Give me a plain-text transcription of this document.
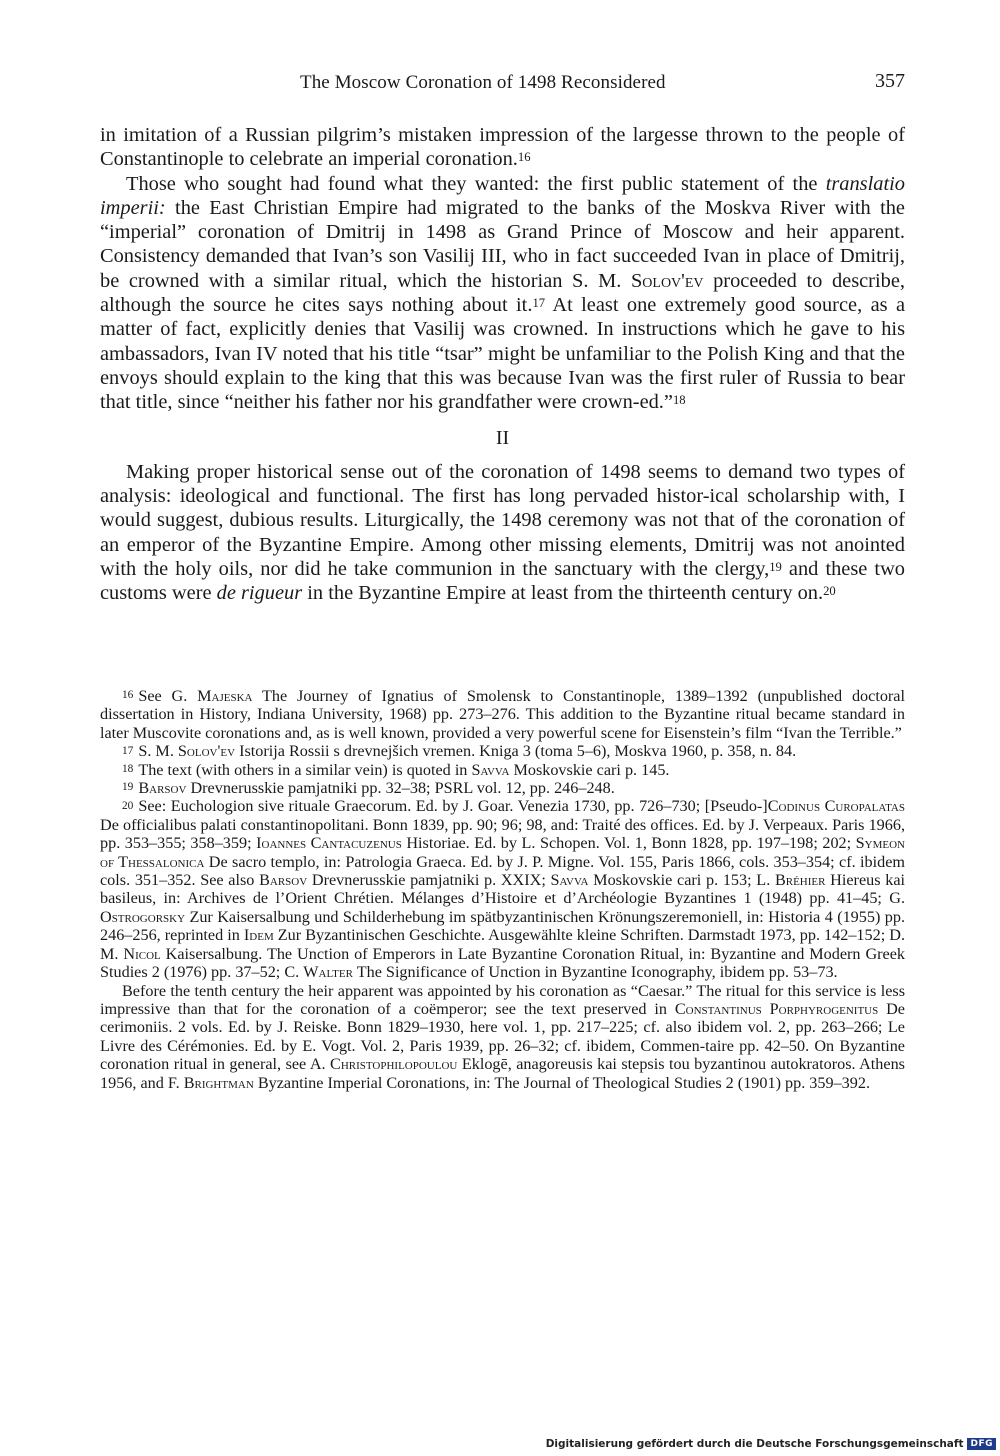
The Moscow Coronation of 1498 Reconsidered	357

in imitation of a Russian pilgrim’s mistaken impression of the largesse thrown to the people of Constantinople to celebrate an imperial coronation.$^{16}$

Those who sought had found what they wanted: the first public statement of the translatio imperii: the East Christian Empire had migrated to the banks of the Moskva River with the “imperial” coronation of Dmitrij in 1498 as Grand Prince of Moscow and heir apparent. Consistency demanded that Ivan’s son Vasilij III, who in fact succeeded Ivan in place of Dmitrij, be crowned with a similar ritual, which the historian S. M. Solov'ev proceeded to describe, although the source he cites says nothing about it.$^{17}$ At least one extremely good source, as a matter of fact, explicitly denies that Vasilij was crowned. In instructions which he gave to his ambassadors, Ivan IV noted that his title “tsar” might be unfamiliar to the Polish King and that the envoys should explain to the king that this was because Ivan was the first ruler of Russia to bear that title, since “neither his father nor his grandfather were crown-ed.”$^{18}$

II

Making proper historical sense out of the coronation of 1498 seems to demand two types of analysis: ideological and functional. The first has long pervaded histor-ical scholarship with, I would suggest, dubious results. Liturgically, the 1498 ceremony was not that of the coronation of an emperor of the Byzantine Empire. Among other missing elements, Dmitrij was not anointed with the holy oils, nor did he take communion in the sanctuary with the clergy,$^{19}$ and these two customs were de rigueur in the Byzantine Empire at least from the thirteenth century on.$^{20}$

$^{16}$ See G. Majeska The Journey of Ignatius of Smolensk to Constantinople, 1389–1392 (unpublished doctoral dissertation in History, Indiana University, 1968) pp. 273–276. This addition to the Byzantine ritual became standard in later Muscovite coronations and, as is well known, provided a very powerful scene for Eisenstein’s film “Ivan the Terrible.”

$^{17}$ S. M. Solov'ev Istorija Rossii s drevnejšich vremen. Kniga 3 (toma 5–6), Moskva 1960, p. 358, n. 84.

$^{18}$ The text (with others in a similar vein) is quoted in Savva Moskovskie cari p. 145.

$^{19}$ Barsov Drevnerusskie pamjatniki pp. 32–38; PSRL vol. 12, pp. 246–248.

$^{20}$ See: Euchologion sive rituale Graecorum. Ed. by J. Goar. Venezia 1730, pp. 726–730; [Pseudo-]Codinus Curopalatas De officialibus palati constantinopolitani. Bonn 1839, pp. 90; 96; 98, and: Traité des offices. Ed. by J. Verpeaux. Paris 1966, pp. 353–355; 358–359; Ioannes Cantacuzenus Historiae. Ed. by L. Schopen. Vol. 1, Bonn 1828, pp. 197–198; 202; Symeon of Thessalonica De sacro templo, in: Patrologia Graeca. Ed. by J. P. Migne. Vol. 155, Paris 1866, cols. 353–354; cf. ibidem cols. 351–352. See also Barsov Drevnerusskie pamjatniki p. XXIX; Savva Moskovskie cari p. 153; L. Bréhier Hiereus kai basileus, in: Archives de l’Orient Chrétien. Mélanges d’Histoire et d’Archéologie Byzantines 1 (1948) pp. 41–45; G. Ostrogorsky Zur Kaisersalbung und Schilderhebung im spätbyzantinischen Krönungszeremoniell, in: Historia 4 (1955) pp. 246–256, reprinted in Idem Zur Byzantinischen Geschichte. Ausgewählte kleine Schriften. Darmstadt 1973, pp. 142–152; D. M. Nicol Kaisersalbung. The Unction of Emperors in Late Byzantine Coronation Ritual, in: Byzantine and Modern Greek Studies 2 (1976) pp. 37–52; C. Walter The Significance of Unction in Byzantine Iconography, ibidem pp. 53–73.

Before the tenth century the heir apparent was appointed by his coronation as “Caesar.” The ritual for this service is less impressive than that for the coronation of a coëmperor; see the text preserved in Constantinus Porphyrogenitus De cerimoniis. 2 vols. Ed. by J. Reiske. Bonn 1829–1930, here vol. 1, pp. 217–225; cf. also ibidem vol. 2, pp. 263–266; Le Livre des Cérémonies. Ed. by E. Vogt. Vol. 2, Paris 1939, pp. 26–32; cf. ibidem, Commen-taire pp. 42–50. On Byzantine coronation ritual in general, see A. Christophilopoulou Eklogē, anagoreusis kai stepsis tou byzantinou autokratoros. Athens 1956, and F. Brightman Byzantine Imperial Coronations, in: The Journal of Theological Studies 2 (1901) pp. 359–392.

Digitalisierung gefördert durch die Deutsche Forschungsgemeinschaft DFG
